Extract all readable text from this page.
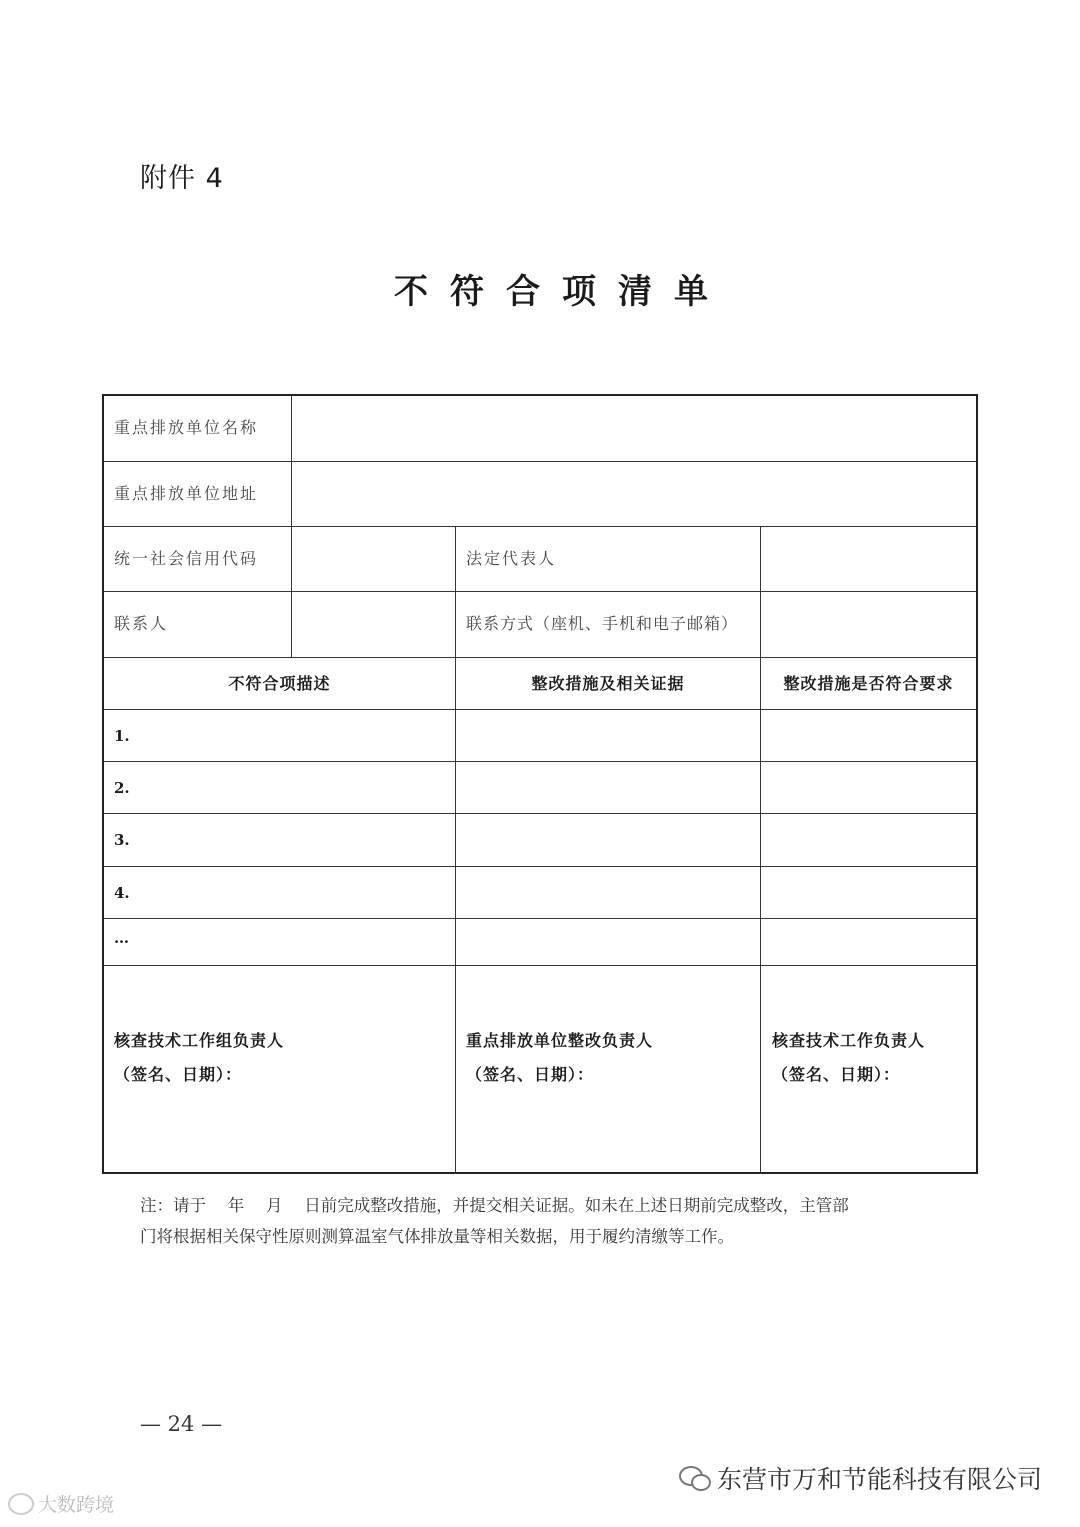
附件 4
不符合项清单
重点排放单位名称
重点排放单位地址
统一社会信用代码	法定代表人
联系人	联系方式（座机、手机和电子邮箱）
不符合项描述	整改措施及相关证据	整改措施是否符合要求
1.
2.
3.
4.
…
核查技术工作组负责人
（签名、日期）：
重点排放单位整改负责人
（签名、日期）：
核查技术工作负责人
（签名、日期）：
注：请于　 年　 月　 日前完成整改措施，并提交相关证据。如未在上述日期前完成整改，主管部
门将根据相关保守性原则测算温室气体排放量等相关数据，用于履约清缴等工作。
— 24 —
东营市万和节能科技有限公司
大数跨境
